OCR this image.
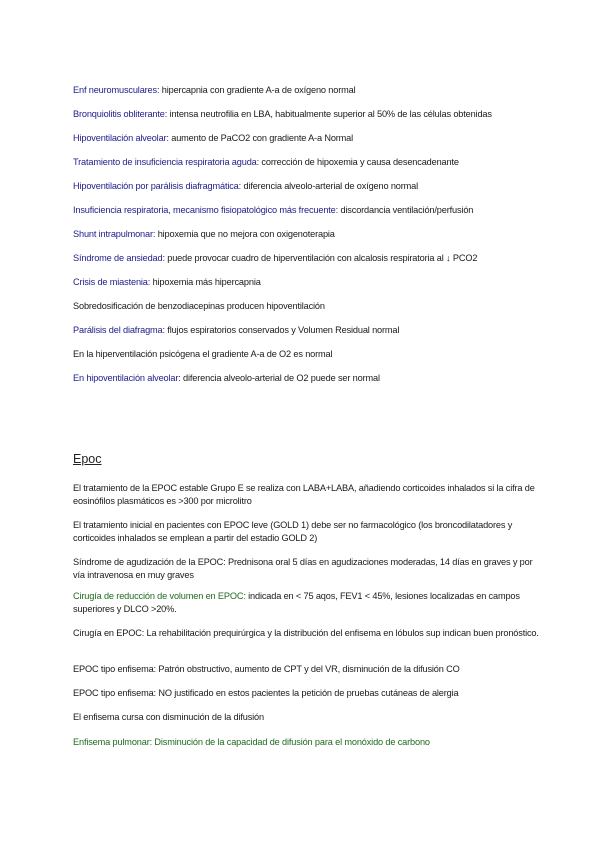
Enf neuromusculares: hipercapnia con gradiente A-a de oxígeno normal
Bronquiolitis obliterante: intensa neutrofilia en LBA, habitualmente superior al 50% de las células obtenidas
Hipoventilación alveolar: aumento de PaCO2 con gradiente A-a Normal
Tratamiento de insuficiencia respiratoria aguda: corrección de hipoxemia y causa desencadenante
Hipoventilación por parálisis diafragmática: diferencia alveolo-arterial de oxígeno normal
Insuficiencia respiratoria, mecanismo fisiopatológico más frecuente: discordancia ventilación/perfusión
Shunt intrapulmonar: hipoxemia que no mejora con oxigenoterapia
Síndrome de ansiedad: puede provocar cuadro de hiperventilación con alcalosis respiratoria al ↓ PCO2
Crisis de miastenia: hipoxemia más hipercapnia
Sobredosificación de benzodiacepinas producen hipoventilación
Parálisis del diafragma: flujos espiratorios conservados y Volumen Residual normal
En la hiperventilación psicógena el gradiente A-a de O2 es normal
En hipoventilación alveolar: diferencia alveolo-arterial de O2 puede ser normal
Epoc
El tratamiento de la EPOC estable Grupo E se realiza con LABA+LABA, añadiendo corticoides inhalados si la cifra de eosinófilos plasmáticos es >300 por microlitro
El tratamiento inicial en pacientes con EPOC leve (GOLD 1) debe ser no farmacológico (los broncodilatadores y corticoides inhalados se emplean a partir del estadio GOLD 2)
Síndrome de agudización de la EPOC: Prednisona oral 5 días en agudizaciones moderadas, 14 días en graves y por vía intravenosa en muy graves
Cirugía de reducción de volumen en EPOC: indicada en < 75 aqos, FEV1 < 45%, lesiones localizadas en campos superiores y DLCO >20%.
Cirugía en EPOC: La rehabilitación prequirúrgica y la distribución del enfisema en lóbulos sup indican buen pronóstico.
EPOC tipo enfisema: Patrón obstructivo, aumento de CPT y del VR, disminución de la difusión CO
EPOC tipo enfisema: NO justificado en estos pacientes la petición de pruebas cutáneas de alergia
El enfisema cursa con disminución de la difusión
Enfisema pulmonar: Disminución de la capacidad de difusión para el monóxido de carbono
